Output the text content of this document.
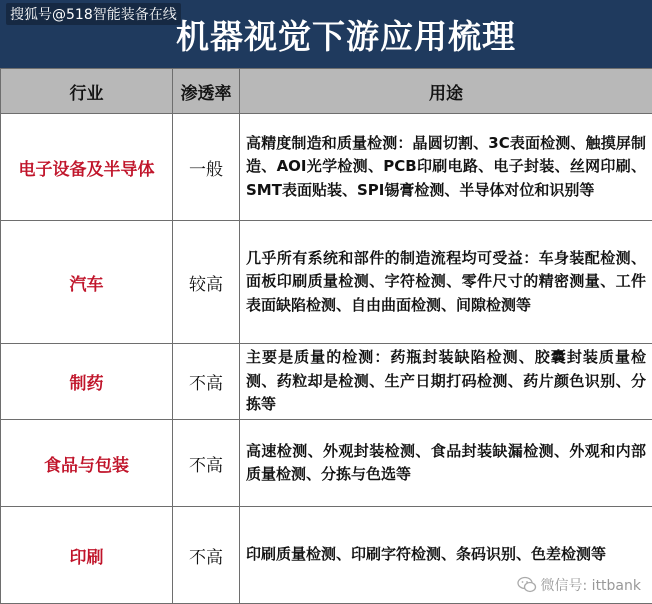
机器视觉下游应用梳理
搜狐号@518智能装备在线
行业	渗透率	用途
电子设备及半导体	一般	高精度制造和质量检测：晶圆切割、3C表面检测、触摸屏制造、AOI光学检测、PCB印刷电路、电子封装、丝网印刷、SMT表面贴装、SPI锡膏检测、半导体对位和识别等
汽车	较高	几乎所有系统和部件的制造流程均可受益：车身装配检测、面板印刷质量检测、字符检测、零件尺寸的精密测量、工件表面缺陷检测、自由曲面检测、间隙检测等
制药	不高	主要是质量的检测：药瓶封装缺陷检测、胶囊封装质量检测、药粒却是检测、生产日期打码检测、药片颜色识别、分拣等
食品与包装	不高	高速检测、外观封装检测、食品封装缺漏检测、外观和内部质量检测、分拣与色选等
印刷	不高	印刷质量检测、印刷字符检测、条码识别、色差检测等
微信号: ittbank
